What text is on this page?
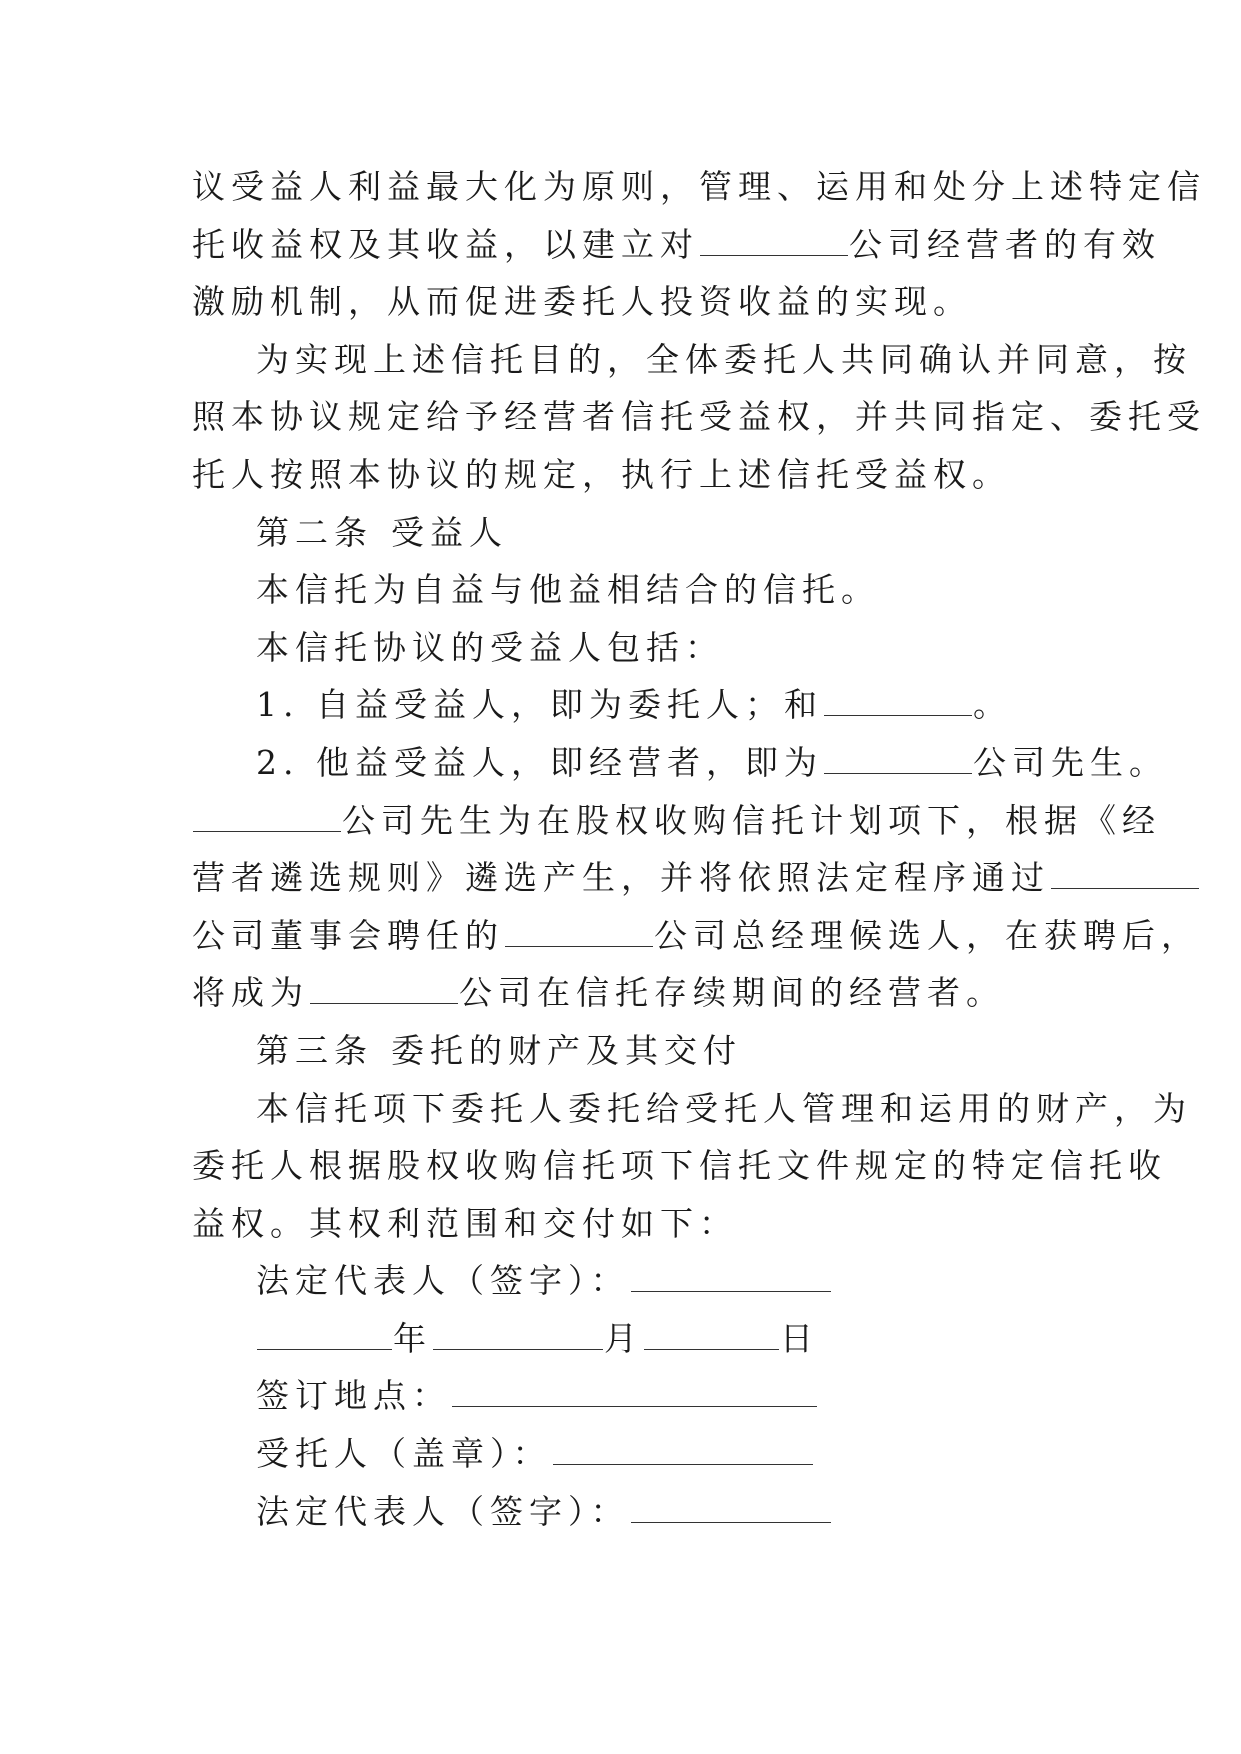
议受益人利益最大化为原则，管理、运用和处分上述特定信
托收益权及其收益，以建立对	公司经营者的有效
激励机制，从而促进委托人投资收益的实现。
为实现上述信托目的，全体委托人共同确认并同意，按
照本协议规定给予经营者信托受益权，并共同指定、委托受
托人按照本协议的规定，执行上述信托受益权。
第二条 受益人
本信托为自益与他益相结合的信托。
本信托协议的受益人包括：
1. 自益受益人，即为委托人；和	。
2. 他益受益人，即经营者，即为	公司先生。
公司先生为在股权收购信托计划项下，根据《经
营者遴选规则》遴选产生，并将依照法定程序通过
公司董事会聘任的	公司总经理候选人，在获聘后，
将成为	公司在信托存续期间的经营者。
第三条 委托的财产及其交付
本信托项下委托人委托给受托人管理和运用的财产，为
委托人根据股权收购信托项下信托文件规定的特定信托收
益权。其权利范围和交付如下：
法定代表人（签字）：
年	月	日
签订地点：
受托人（盖章）：
法定代表人（签字）：
